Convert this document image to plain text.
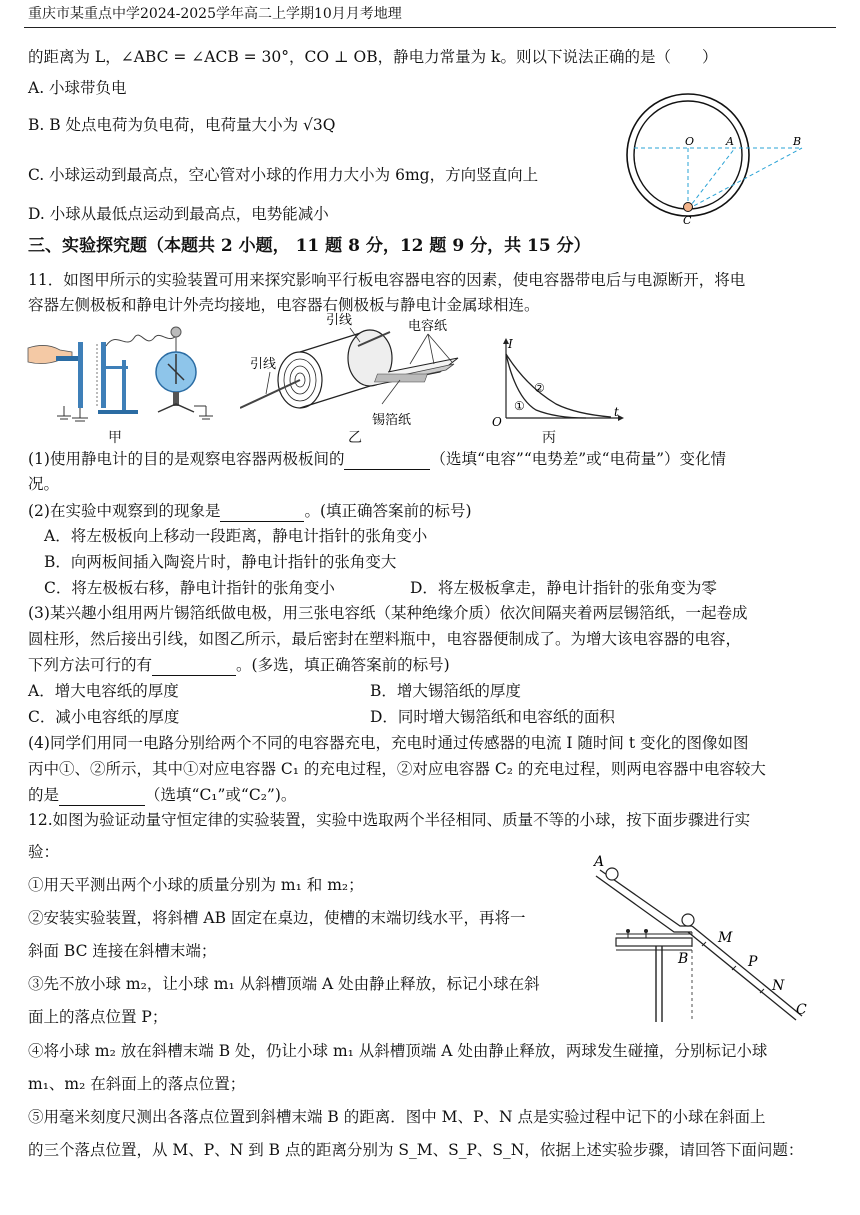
重庆市某重点中学2024-2025学年高二上学期10月月考地理
的距离为 L，∠ABC = ∠ACB = 30°，CO ⊥ OB，静电力常量为 k。则以下说法正确的是（　　）
A. 小球带负电
B. B 处点电荷为负电荷，电荷量大小为 √3Q
C. 小球运动到最高点，空心管对小球的作用力大小为 6mg，方向竖直向上
D. 小球从最低点运动到最高点，电势能减小
O	A	B
C
三、实验探究题（本题共 2 小题， 11 题 8 分，12 题 9 分，共 15 分）
11．如图甲所示的实验装置可用来探究影响平行板电容器电容的因素，使电容器带电后与电源断开，将电
容器左侧极板和静电计外壳均接地，电容器右侧极板与静电计金属球相连。
甲
引线	电容纸
引线
锡箔纸
乙
I
t
O
①
②
丙
(1)使用静电计的目的是观察电容器两极板间的	（选填“电容”“电势差”或“电荷量”）变化情
况。
(2)在实验中观察到的现象是	。(填正确答案前的标号)
A．将左极板向上移动一段距离，静电计指针的张角变小
B．向两板间插入陶瓷片时，静电计指针的张角变大
C．将左极板右移，静电计指针的张角变小	D．将左极板拿走，静电计指针的张角变为零
(3)某兴趣小组用两片锡箔纸做电极，用三张电容纸（某种绝缘介质）依次间隔夹着两层锡箔纸，一起卷成
圆柱形，然后接出引线，如图乙所示，最后密封在塑料瓶中，电容器便制成了。为增大该电容器的电容，
下列方法可行的有	。(多选，填正确答案前的标号)
A．增大电容纸的厚度	B．增大锡箔纸的厚度
C．减小电容纸的厚度	D．同时增大锡箔纸和电容纸的面积
(4)同学们用同一电路分别给两个不同的电容器充电，充电时通过传感器的电流 I 随时间 t 变化的图像如图
丙中①、②所示，其中①对应电容器 C₁ 的充电过程，②对应电容器 C₂ 的充电过程，则两电容器中电容较大
的是	（选填“C₁”或“C₂”)。
12.如图为验证动量守恒定律的实验装置，实验中选取两个半径相同、质量不等的小球，按下面步骤进行实
验：
①用天平测出两个小球的质量分别为 m₁ 和 m₂；
②安装实验装置，将斜槽 AB 固定在桌边，使槽的末端切线水平，再将一
斜面 BC 连接在斜槽末端；
③先不放小球 m₂，让小球 m₁ 从斜槽顶端 A 处由静止释放，标记小球在斜
面上的落点位置 P；
④将小球 m₂ 放在斜槽末端 B 处，仍让小球 m₁ 从斜槽顶端 A 处由静止释放，两球发生碰撞，分别标记小球
m₁、m₂ 在斜面上的落点位置；
⑤用毫米刻度尺测出各落点位置到斜槽末端 B 的距离．图中 M、P、N 点是实验过程中记下的小球在斜面上
的三个落点位置，从 M、P、N 到 B 点的距离分别为 S_M、S_P、S_N，依据上述实验步骤，请回答下面问题：
A
B
C
M
P
N
